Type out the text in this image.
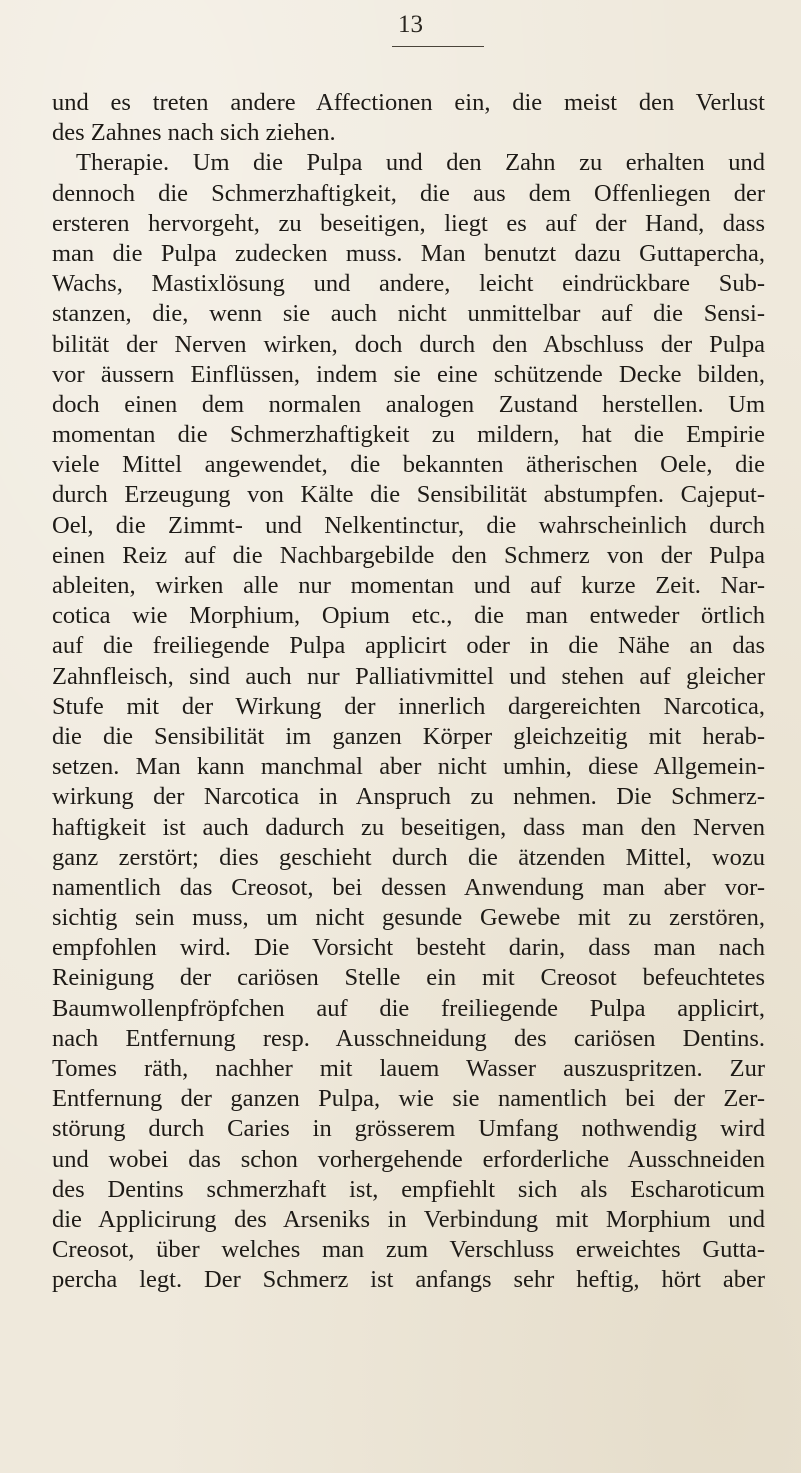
13
und es treten andere Affectionen ein, die meist den Verlust
des Zahnes nach sich ziehen.
Therapie. Um die Pulpa und den Zahn zu erhalten und
dennoch die Schmerzhaftigkeit, die aus dem Offenliegen der
ersteren hervorgeht, zu beseitigen, liegt es auf der Hand, dass
man die Pulpa zudecken muss. Man benutzt dazu Guttapercha,
Wachs, Mastixlösung und andere, leicht eindrückbare Sub-
stanzen, die, wenn sie auch nicht unmittelbar auf die Sensi-
bilität der Nerven wirken, doch durch den Abschluss der Pulpa
vor äussern Einflüssen, indem sie eine schützende Decke bilden,
doch einen dem normalen analogen Zustand herstellen. Um
momentan die Schmerzhaftigkeit zu mildern, hat die Empirie
viele Mittel angewendet, die bekannten ätherischen Oele, die
durch Erzeugung von Kälte die Sensibilität abstumpfen. Cajeput-
Oel, die Zimmt- und Nelkentinctur, die wahrscheinlich durch
einen Reiz auf die Nachbargebilde den Schmerz von der Pulpa
ableiten, wirken alle nur momentan und auf kurze Zeit. Nar-
cotica wie Morphium, Opium etc., die man entweder örtlich
auf die freiliegende Pulpa applicirt oder in die Nähe an das
Zahnfleisch, sind auch nur Palliativmittel und stehen auf gleicher
Stufe mit der Wirkung der innerlich dargereichten Narcotica,
die die Sensibilität im ganzen Körper gleichzeitig mit herab-
setzen. Man kann manchmal aber nicht umhin, diese Allgemein-
wirkung der Narcotica in Anspruch zu nehmen. Die Schmerz-
haftigkeit ist auch dadurch zu beseitigen, dass man den Nerven
ganz zerstört; dies geschieht durch die ätzenden Mittel, wozu
namentlich das Creosot, bei dessen Anwendung man aber vor-
sichtig sein muss, um nicht gesunde Gewebe mit zu zerstören,
empfohlen wird. Die Vorsicht besteht darin, dass man nach
Reinigung der cariösen Stelle ein mit Creosot befeuchtetes
Baumwollenpfröpfchen auf die freiliegende Pulpa applicirt,
nach Entfernung resp. Ausschneidung des cariösen Dentins.
Tomes räth, nachher mit lauem Wasser auszuspritzen. Zur
Entfernung der ganzen Pulpa, wie sie namentlich bei der Zer-
störung durch Caries in grösserem Umfang nothwendig wird
und wobei das schon vorhergehende erforderliche Ausschneiden
des Dentins schmerzhaft ist, empfiehlt sich als Escharoticum
die Applicirung des Arseniks in Verbindung mit Morphium und
Creosot, über welches man zum Verschluss erweichtes Gutta-
percha legt. Der Schmerz ist anfangs sehr heftig, hört aber
